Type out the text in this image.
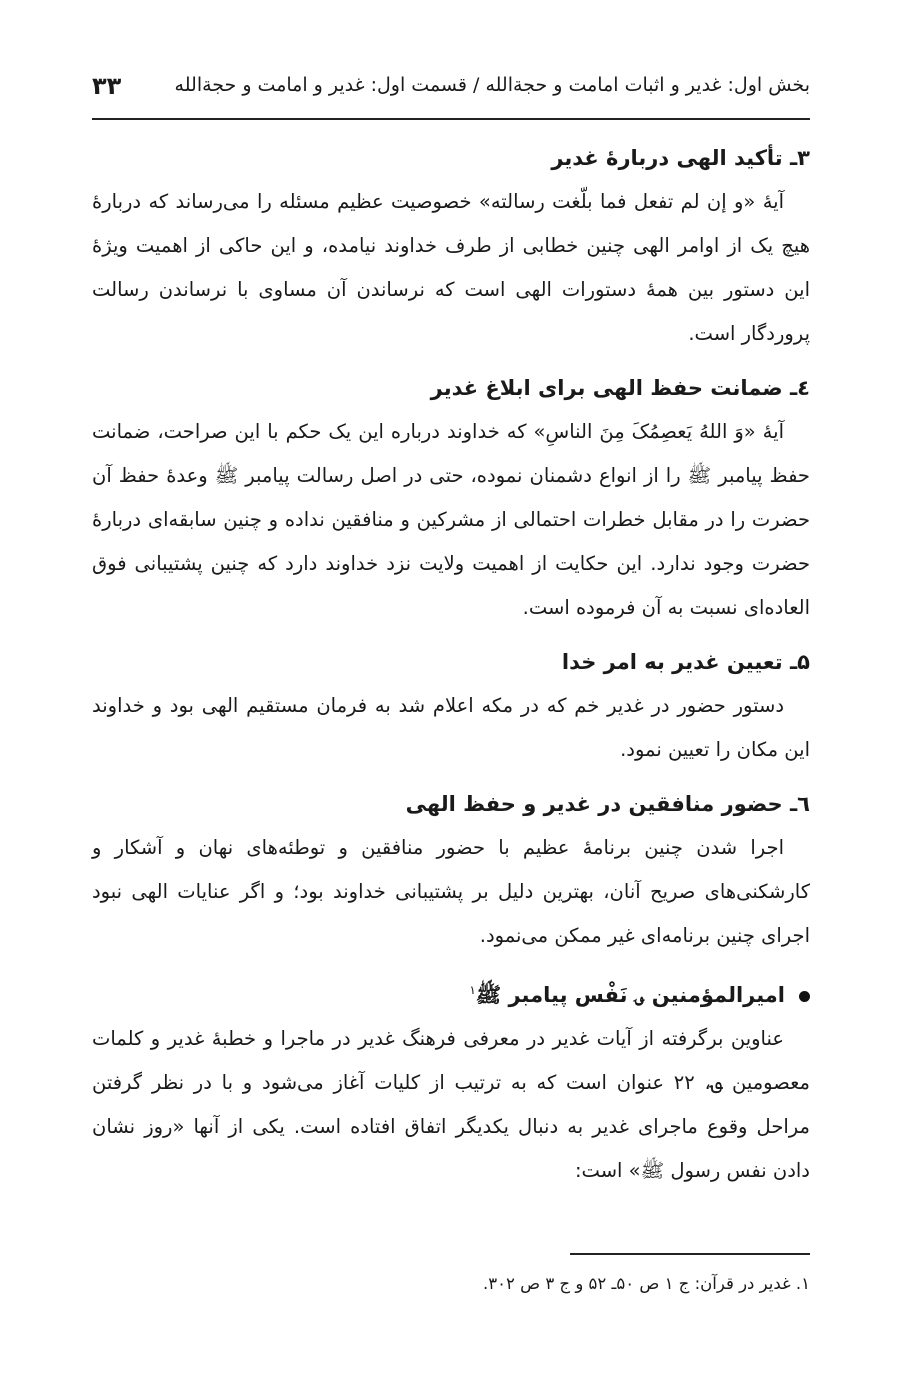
بخش اول: غدیر و اثبات امامت و حجةالله / قسمت اول: غدیر و امامت و حجةالله
۳۳
۳ـ تأکید الهی دربارۀ غدیر

آیۀ «و إن لم تفعل فما بلّغت رسالته» خصوصیت عظیم مسئله را می‌رساند که دربارۀ هیچ یک از اوامر الهی چنین خطابی از طرف خداوند نیامده، و این حاکی از اهمیت ویژۀ این دستور بین همۀ دستورات الهی است که نرساندن آن مساوی با نرساندن رسالت پروردگار است.

٤ـ ضمانت حفظ الهی برای ابلاغ غدیر

آیۀ «وَ اللهُ یَعصِمُکَ مِنَ الناسِ» که خداوند درباره این یک حکم با این صراحت، ضمانت حفظ پیامبر ﷺ را از انواع دشمنان نموده، حتی در اصل رسالت پیامبر ﷺ وعدۀ حفظ آن حضرت را در مقابل خطرات احتمالی از مشرکین و منافقین نداده و چنین سابقه‌ای دربارۀ حضرت وجود ندارد. این حکایت از اهمیت ولایت نزد خداوند دارد که چنین پشتیبانی فوق العاده‌ای نسبت به آن فرموده است.

۵ـ تعیین غدیر به امر خدا

دستور حضور در غدیر خم که در مکه اعلام شد به فرمان مستقیم الهی بود و خداوند این مکان را تعیین نمود.

٦ـ حضور منافقین در غدیر و حفظ الهی

اجرا شدن چنین برنامۀ عظیم با حضور منافقین و توطئه‌های نهان و آشکار و کارشکنی‌های صریح آنان، بهترین دلیل بر پشتیبانی خداوند بود؛ و اگر عنایات الهی نبود اجرای چنین برنامه‌ای غیر ممکن می‌نمود.

امیرالمؤمنین ؈ نَفْس پیامبر ﷺ$^۱$

عناوین برگرفته از آیات غدیر در معرفی فرهنگ غدیر در ماجرا و خطبۀ غدیر و کلمات معصومین ؈، ۲۲ عنوان است که به ترتیب از کلیات آغاز می‌شود و با در نظر گرفتن مراحل وقوع ماجرای غدیر به دنبال یکدیگر اتفاق افتاده است. یکی از آنها «روز نشان دادن نفس رسول ﷺ» است:

۱. غدیر در قرآن: ج ۱ ص ۵۰ـ ۵۲ و ج ۳ ص ۳۰۲.
